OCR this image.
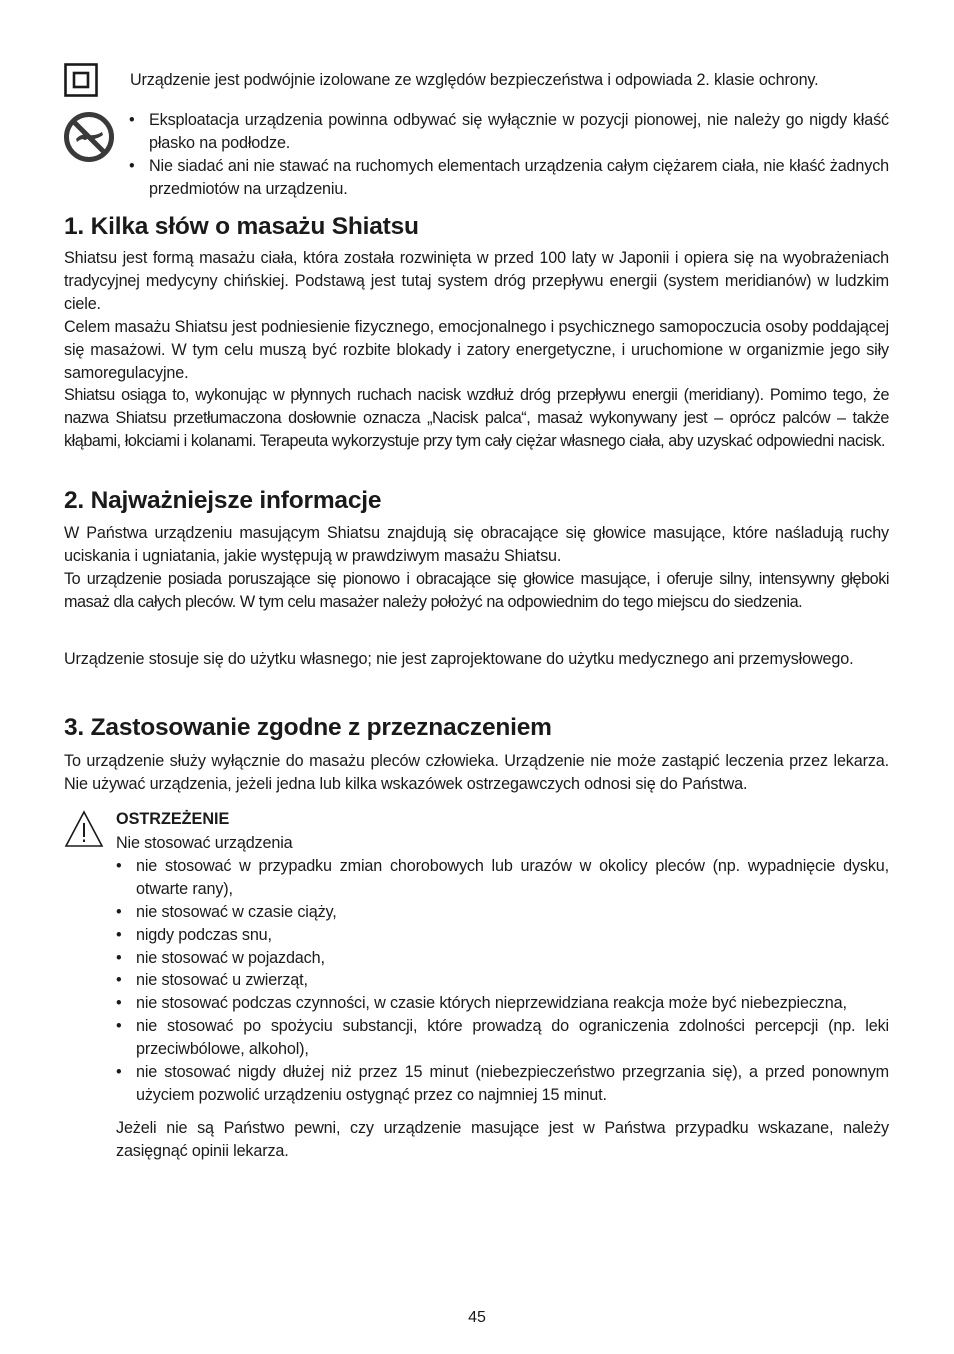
Urządzenie jest podwójnie izolowane ze względów bezpieczeństwa i odpowiada 2. klasie ochrony.

• Eksploatacja urządzenia powinna odbywać się wyłącznie w pozycji pionowej, nie należy go nigdy kłaść płasko na podłodze.
• Nie siadać ani nie stawać na ruchomych elementach urządzenia całym ciężarem ciała, nie kłaść żadnych przedmiotów na urządzeniu.
1. Kilka słów o masażu Shiatsu

Shiatsu jest formą masażu ciała, która została rozwinięta w przed 100 laty w Japonii i opiera się na wyobrażeniach tradycyjnej medycyny chińskiej. Podstawą jest tutaj system dróg przepływu energii (system meridianów) w ludzkim ciele.

Celem masażu Shiatsu jest podniesienie fizycznego, emocjonalnego i psychicznego samopoczucia osoby poddającej się masażowi. W tym celu muszą być rozbite blokady i zatory energetyczne, i uruchomione w organizmie jego siły samoregulacyjne.

Shiatsu osiąga to, wykonując w płynnych ruchach nacisk wzdłuż dróg przepływu energii (meridiany). Pomimo tego, że nazwa Shiatsu przetłumaczona dosłownie oznacza „Nacisk palca“, masaż wykonywany jest – oprócz palców – także kłąbami, łokciami i kolanami. Terapeuta wykorzystuje przy tym cały ciężar własnego ciała, aby uzyskać odpowiedni nacisk.

2. Najważniejsze informacje

W Państwa urządzeniu masującym Shiatsu znajdują się obracające się głowice masujące, które naśladują ruchy uciskania i ugniatania, jakie występują w prawdziwym masażu Shiatsu.

To urządzenie posiada poruszające się pionowo i obracające się głowice masujące, i oferuje silny, intensywny głęboki masaż dla całych pleców. W tym celu masażer należy położyć na odpowiednim do tego miejscu do siedzenia.

Urządzenie stosuje się do użytku własnego; nie jest zaprojektowane do użytku medycznego ani przemysłowego.

3. Zastosowanie zgodne z przeznaczeniem

To urządzenie służy wyłącznie do masażu pleców człowieka. Urządzenie nie może zastąpić leczenia przez lekarza. Nie używać urządzenia, jeżeli jedna lub kilka wskazówek ostrzegawczych odnosi się do Państwa.

OSTRZEŻENIE
Nie stosować urządzenia
• nie stosować w przypadku zmian chorobowych lub urazów w okolicy pleców (np. wypadnięcie dysku, otwarte rany),
• nie stosować w czasie ciąży,
• nigdy podczas snu,
• nie stosować w pojazdach,
• nie stosować u zwierząt,
• nie stosować podczas czynności, w czasie których nieprzewidziana reakcja może być niebezpieczna,
• nie stosować po spożyciu substancji, które prowadzą do ograniczenia zdolności percepcji (np. leki przeciwbólowe, alkohol),
• nie stosować nigdy dłużej niż przez 15 minut (niebezpieczeństwo przegrzania się), a przed ponownym użyciem pozwolić urządzeniu ostygnąć przez co najmniej 15 minut.

Jeżeli nie są Państwo pewni, czy urządzenie masujące jest w Państwa przypadku wskazane, należy zasięgnąć opinii lekarza.

45
